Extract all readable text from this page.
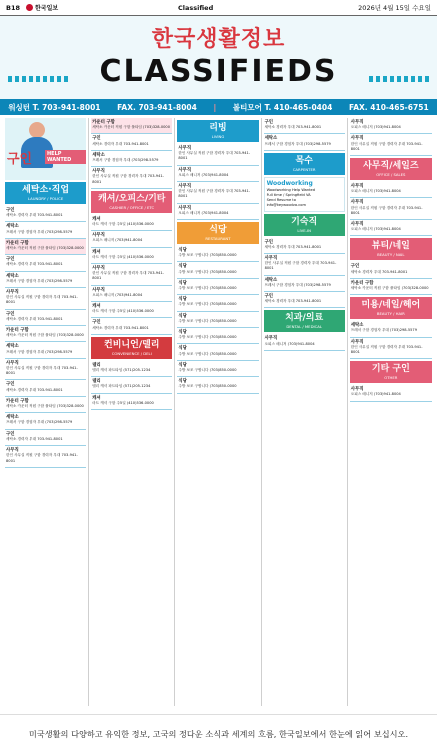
B18	한국일보	Classified	2026년 4월 15일 수요일
한국생활정보
CLASSIFIEDS
워싱턴 T. 703-941-8001 FAX. 703-941-8004 | 볼티모어 T. 410-465-0404 FAX. 410-465-6751
구인	HELP WANTED
세탁소·직업
LAUNDRY / POLICE
구인
세탁소 경력자 우대 703-941-8001
세탁소
프레서 구함 경험자 우대 (703)298-5579
카운터 구함
세탁소 카운터 직원 구함 풀타임 (703)328-0000
구인
세탁소 경력자 우대 703-941-8001
세탁소
프레서 구함 경험자 우대 (703)298-5579
사무직
한인 사무실 직원 구함 경력자 우대 703-941-8001
구인
세탁소 경력자 우대 703-941-8001
카운터 구함
세탁소 카운터 직원 구함 풀타임 (703)328-0000
세탁소
프레서 구함 경험자 우대 (703)298-5579
사무직
한인 사무실 직원 구함 경력자 우대 703-941-8001
구인
세탁소 경력자 우대 703-941-8001
카운터 구함
세탁소 카운터 직원 구함 풀타임 (703)328-0000
세탁소
프레서 구함 경험자 우대 (703)298-5579
구인
세탁소 경력자 우대 703-941-8001
사무직
한인 사무실 직원 구함 경력자 우대 703-941-8001
카운터 구함
세탁소 카운터 직원 구함 풀타임 (703)328-0000
구인
세탁소 경력자 우대 703-941-8001
세탁소
프레서 구함 경험자 우대 (703)298-5579
사무직
한인 사무실 직원 구함 경력자 우대 703-941-8001
캐셔/오피스/기타
CASHIER / OFFICE / ETC
캐셔
마트 캐셔 구함 주5일 (410)536-0000
사무직
오피스 매니저 (703)941-8004
캐셔
마트 캐셔 구함 주5일 (410)536-0000
사무직
한인 사무실 직원 구함 경력자 우대 703-941-8001
사무직
오피스 매니저 (703)941-8004
캐셔
마트 캐셔 구함 주5일 (410)536-0000
구인
세탁소 경력자 우대 703-941-8001
컨비니언/델리
CONVENIENCE / DELI
델리
델리 캐셔 파트타임 (571)205-1234
델리
델리 캐셔 파트타임 (571)205-1234
캐셔
마트 캐셔 구함 주5일 (410)536-0000
리빙
LIVING
사무직
한인 사무실 직원 구함 경력자 우대 703-941-8001
사무직
오피스 매니저 (703)941-8004
사무직
한인 사무실 직원 구함 경력자 우대 703-941-8001
사무직
오피스 매니저 (703)941-8004
식당
RESTAURANT
식당
주방 보조 구합니다 (703)850-0000
식당
주방 보조 구합니다 (703)850-0000
식당
주방 보조 구합니다 (703)850-0000
식당
주방 보조 구합니다 (703)850-0000
식당
주방 보조 구합니다 (703)850-0000
식당
주방 보조 구합니다 (703)850-0000
식당
주방 보조 구합니다 (703)850-0000
식당
주방 보조 구합니다 (703)850-0000
식당
주방 보조 구합니다 (703)850-0000
구인
세탁소 경력자 우대 703-941-8001
세탁소
프레서 구함 경험자 우대 (703)298-5579
목수
CARPENTER
Woodworking
Woodworking Help Wanted
Full time / Springfield VA
Send Resume to
info@keywoodva.com
기숙직
LIVE-IN
구인
세탁소 경력자 우대 703-941-8001
사무직
한인 사무실 직원 구함 경력자 우대 703-941-8001
세탁소
프레서 구함 경험자 우대 (703)298-5579
구인
세탁소 경력자 우대 703-941-8001
치과/의료
DENTAL / MEDICAL
사무직
오피스 매니저 (703)941-8004
사무직
오피스 매니저 (703)941-8004
사무직
한인 사무실 직원 구함 경력자 우대 703-941-8001
사무직/세일즈
OFFICE / SALES
사무직
오피스 매니저 (703)941-8004
사무직
한인 사무실 직원 구함 경력자 우대 703-941-8001
사무직
오피스 매니저 (703)941-8004
뷰티/네일
BEAUTY / NAIL
구인
세탁소 경력자 우대 703-941-8001
카운터 구함
세탁소 카운터 직원 구함 풀타임 (703)328-0000
미용/네일/헤어
BEAUTY / HAIR
세탁소
프레서 구함 경험자 우대 (703)298-5579
사무직
한인 사무실 직원 구함 경력자 우대 703-941-8001
기타 구인
OTHER
사무직
오피스 매니저 (703)941-8004
미국생활의 다양하고 유익한 정보, 고국의 정다운 소식과 세계의 흐름, 한국일보에서 한눈에 읽어 보십시오.
